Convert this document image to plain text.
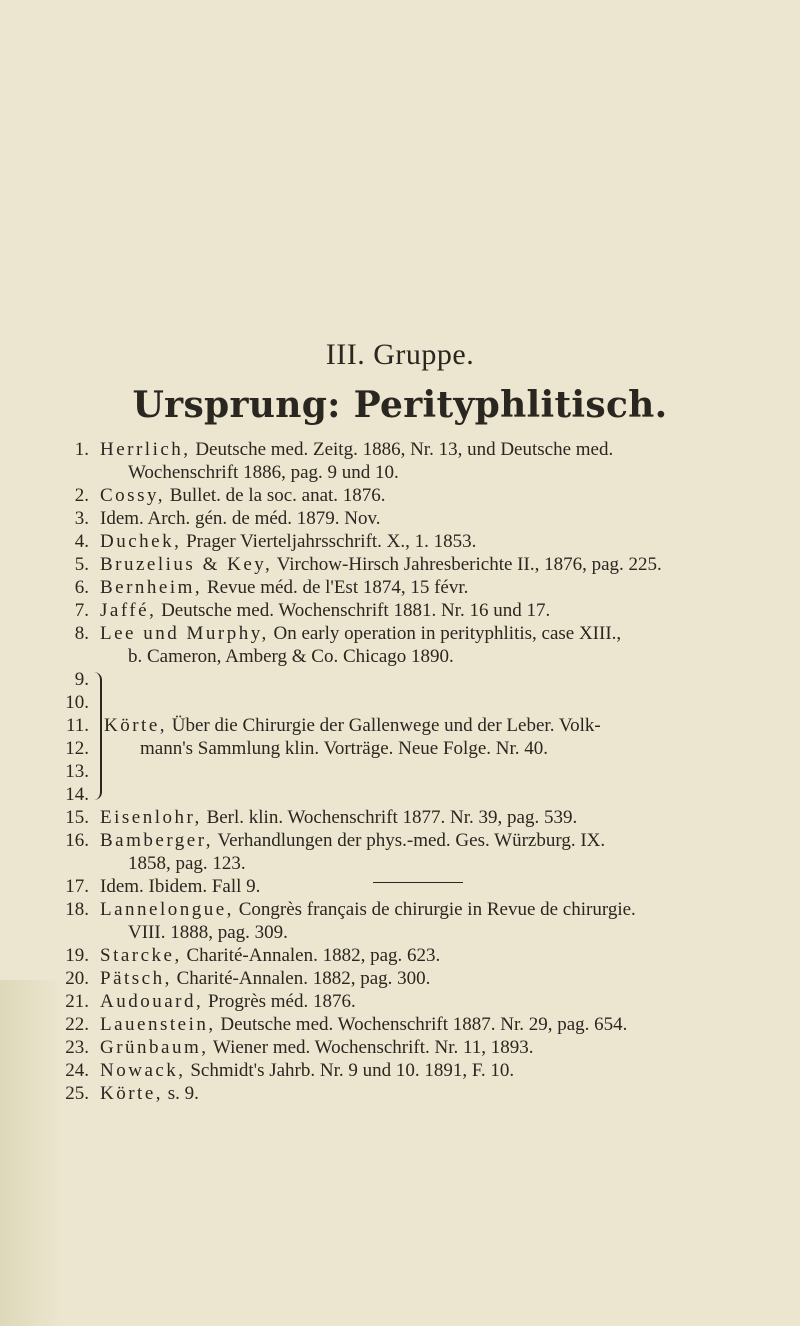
III. Gruppe.
Ursprung: Perityphlitisch.
1. Herrlich, Deutsche med. Zeitg. 1886, Nr. 13, und Deutsche med.
Wochenschrift 1886, pag. 9 und 10.
2. Cossy, Bullet. de la soc. anat. 1876.
3. Idem. Arch. gén. de méd. 1879. Nov.
4. Duchek, Prager Vierteljahrsschrift. X., 1. 1853.
5. Bruzelius & Key, Virchow-Hirsch Jahresberichte II., 1876, pag. 225.
6. Bernheim, Revue méd. de l'Est 1874, 15 févr.
7. Jaffé, Deutsche med. Wochenschrift 1881. Nr. 16 und 17.
8. Lee und Murphy, On early operation in perityphlitis, case XIII.,
b. Cameron, Amberg & Co. Chicago 1890.
9.
10.
11.
12.
13.
14.
Körte, Über die Chirurgie der Gallenwege und der Leber. Volk-
mann's Sammlung klin. Vorträge. Neue Folge. Nr. 40.
15. Eisenlohr, Berl. klin. Wochenschrift 1877. Nr. 39, pag. 539.
16. Bamberger, Verhandlungen der phys.-med. Ges. Würzburg. IX.
1858, pag. 123.
17. Idem. Ibidem. Fall 9.
18. Lannelongue, Congrès français de chirurgie in Revue de chirurgie.
VIII. 1888, pag. 309.
19. Starcke, Charité-Annalen. 1882, pag. 623.
20. Pätsch, Charité-Annalen. 1882, pag. 300.
21. Audouard, Progrès méd. 1876.
22. Lauenstein, Deutsche med. Wochenschrift 1887. Nr. 29, pag. 654.
23. Grünbaum, Wiener med. Wochenschrift. Nr. 11, 1893.
24. Nowack, Schmidt's Jahrb. Nr. 9 und 10. 1891, F. 10.
25. Körte, s. 9.
